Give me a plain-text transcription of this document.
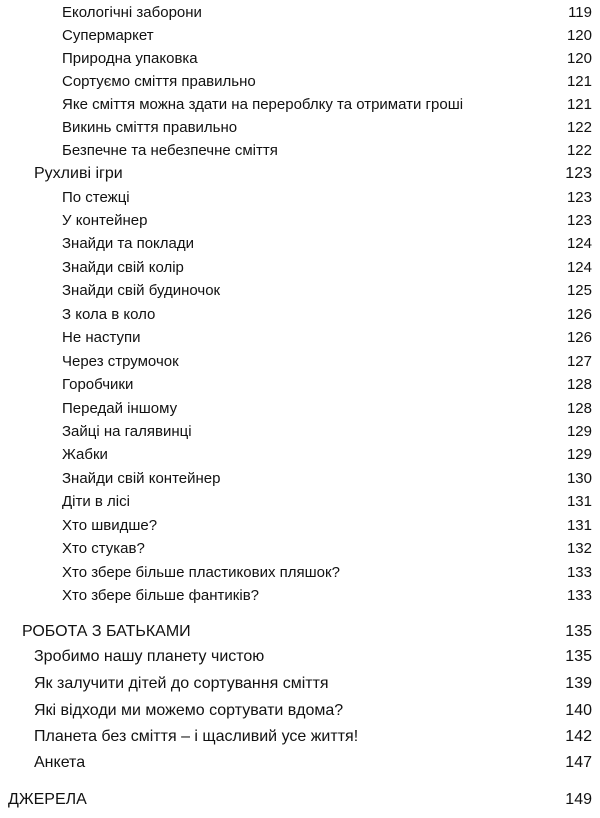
Екологічні заборони	119
Супермаркет	120
Природна упаковка	120
Сортуємо сміття правильно	121
Яке сміття можна здати на перероблку та отримати гроші	121
Викинь сміття правильно	122
Безпечне та небезпечне сміття	122
Рухливі ігри	123
По стежці	123
У контейнер	123
Знайди та поклади	124
Знайди свій колір	124
Знайди свій будиночок	125
З кола в коло	126
Не наступи	126
Через струмочок	127
Горобчики	128
Передай іншому	128
Зайці на галявинці	129
Жабки	129
Знайди свій контейнер	130
Діти в лісі	131
Хто швидше?	131
Хто стукав?	132
Хто збере більше пластикових пляшок?	133
Хто збере більше фантиків?	133
РОБОТА З БАТЬКАМИ	135
Зробимо нашу планету чистою	135
Як залучити дітей до сортування сміття	139
Які відходи ми можемо сортувати вдома?	140
Планета без сміття – і щасливий усе життя!	142
Анкета	147
ДЖЕРЕЛА	149
